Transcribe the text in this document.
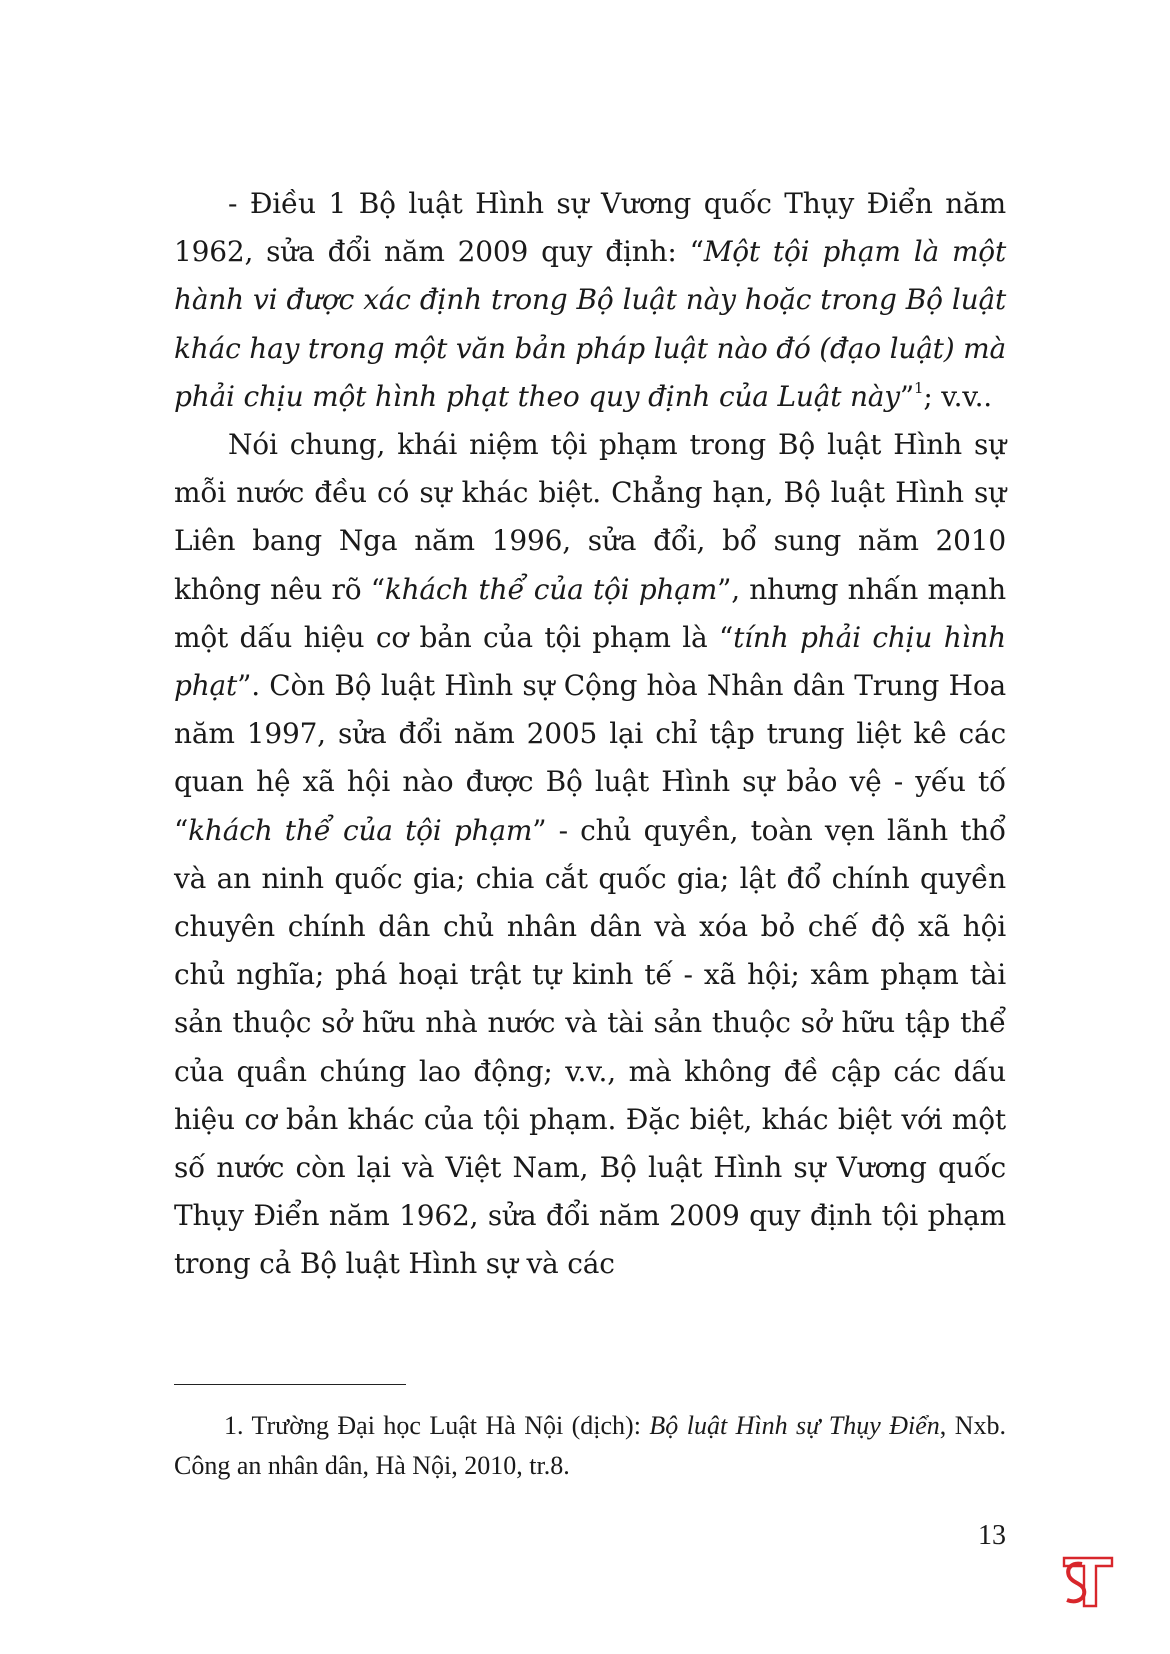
- Điều 1 Bộ luật Hình sự Vương quốc Thụy Điển năm 1962, sửa đổi năm 2009 quy định: “Một tội phạm là một hành vi được xác định trong Bộ luật này hoặc trong Bộ luật khác hay trong một văn bản pháp luật nào đó (đạo luật) mà phải chịu một hình phạt theo quy định của Luật này”$^1$; v.v..

Nói chung, khái niệm tội phạm trong Bộ luật Hình sự mỗi nước đều có sự khác biệt. Chẳng hạn, Bộ luật Hình sự Liên bang Nga năm 1996, sửa đổi, bổ sung năm 2010 không nêu rõ “khách thể của tội phạm”, nhưng nhấn mạnh một dấu hiệu cơ bản của tội phạm là “tính phải chịu hình phạt”. Còn Bộ luật Hình sự Cộng hòa Nhân dân Trung Hoa năm 1997, sửa đổi năm 2005 lại chỉ tập trung liệt kê các quan hệ xã hội nào được Bộ luật Hình sự bảo vệ - yếu tố “khách thể của tội phạm” - chủ quyền, toàn vẹn lãnh thổ và an ninh quốc gia; chia cắt quốc gia; lật đổ chính quyền chuyên chính dân chủ nhân dân và xóa bỏ chế độ xã hội chủ nghĩa; phá hoại trật tự kinh tế - xã hội; xâm phạm tài sản thuộc sở hữu nhà nước và tài sản thuộc sở hữu tập thể của quần chúng lao động; v.v., mà không đề cập các dấu hiệu cơ bản khác của tội phạm. Đặc biệt, khác biệt với một số nước còn lại và Việt Nam, Bộ luật Hình sự Vương quốc Thụy Điển năm 1962, sửa đổi năm 2009 quy định tội phạm trong cả Bộ luật Hình sự và các

1. Trường Đại học Luật Hà Nội (dịch): Bộ luật Hình sự Thụy Điển, Nxb. Công an nhân dân, Hà Nội, 2010, tr.8.

13
